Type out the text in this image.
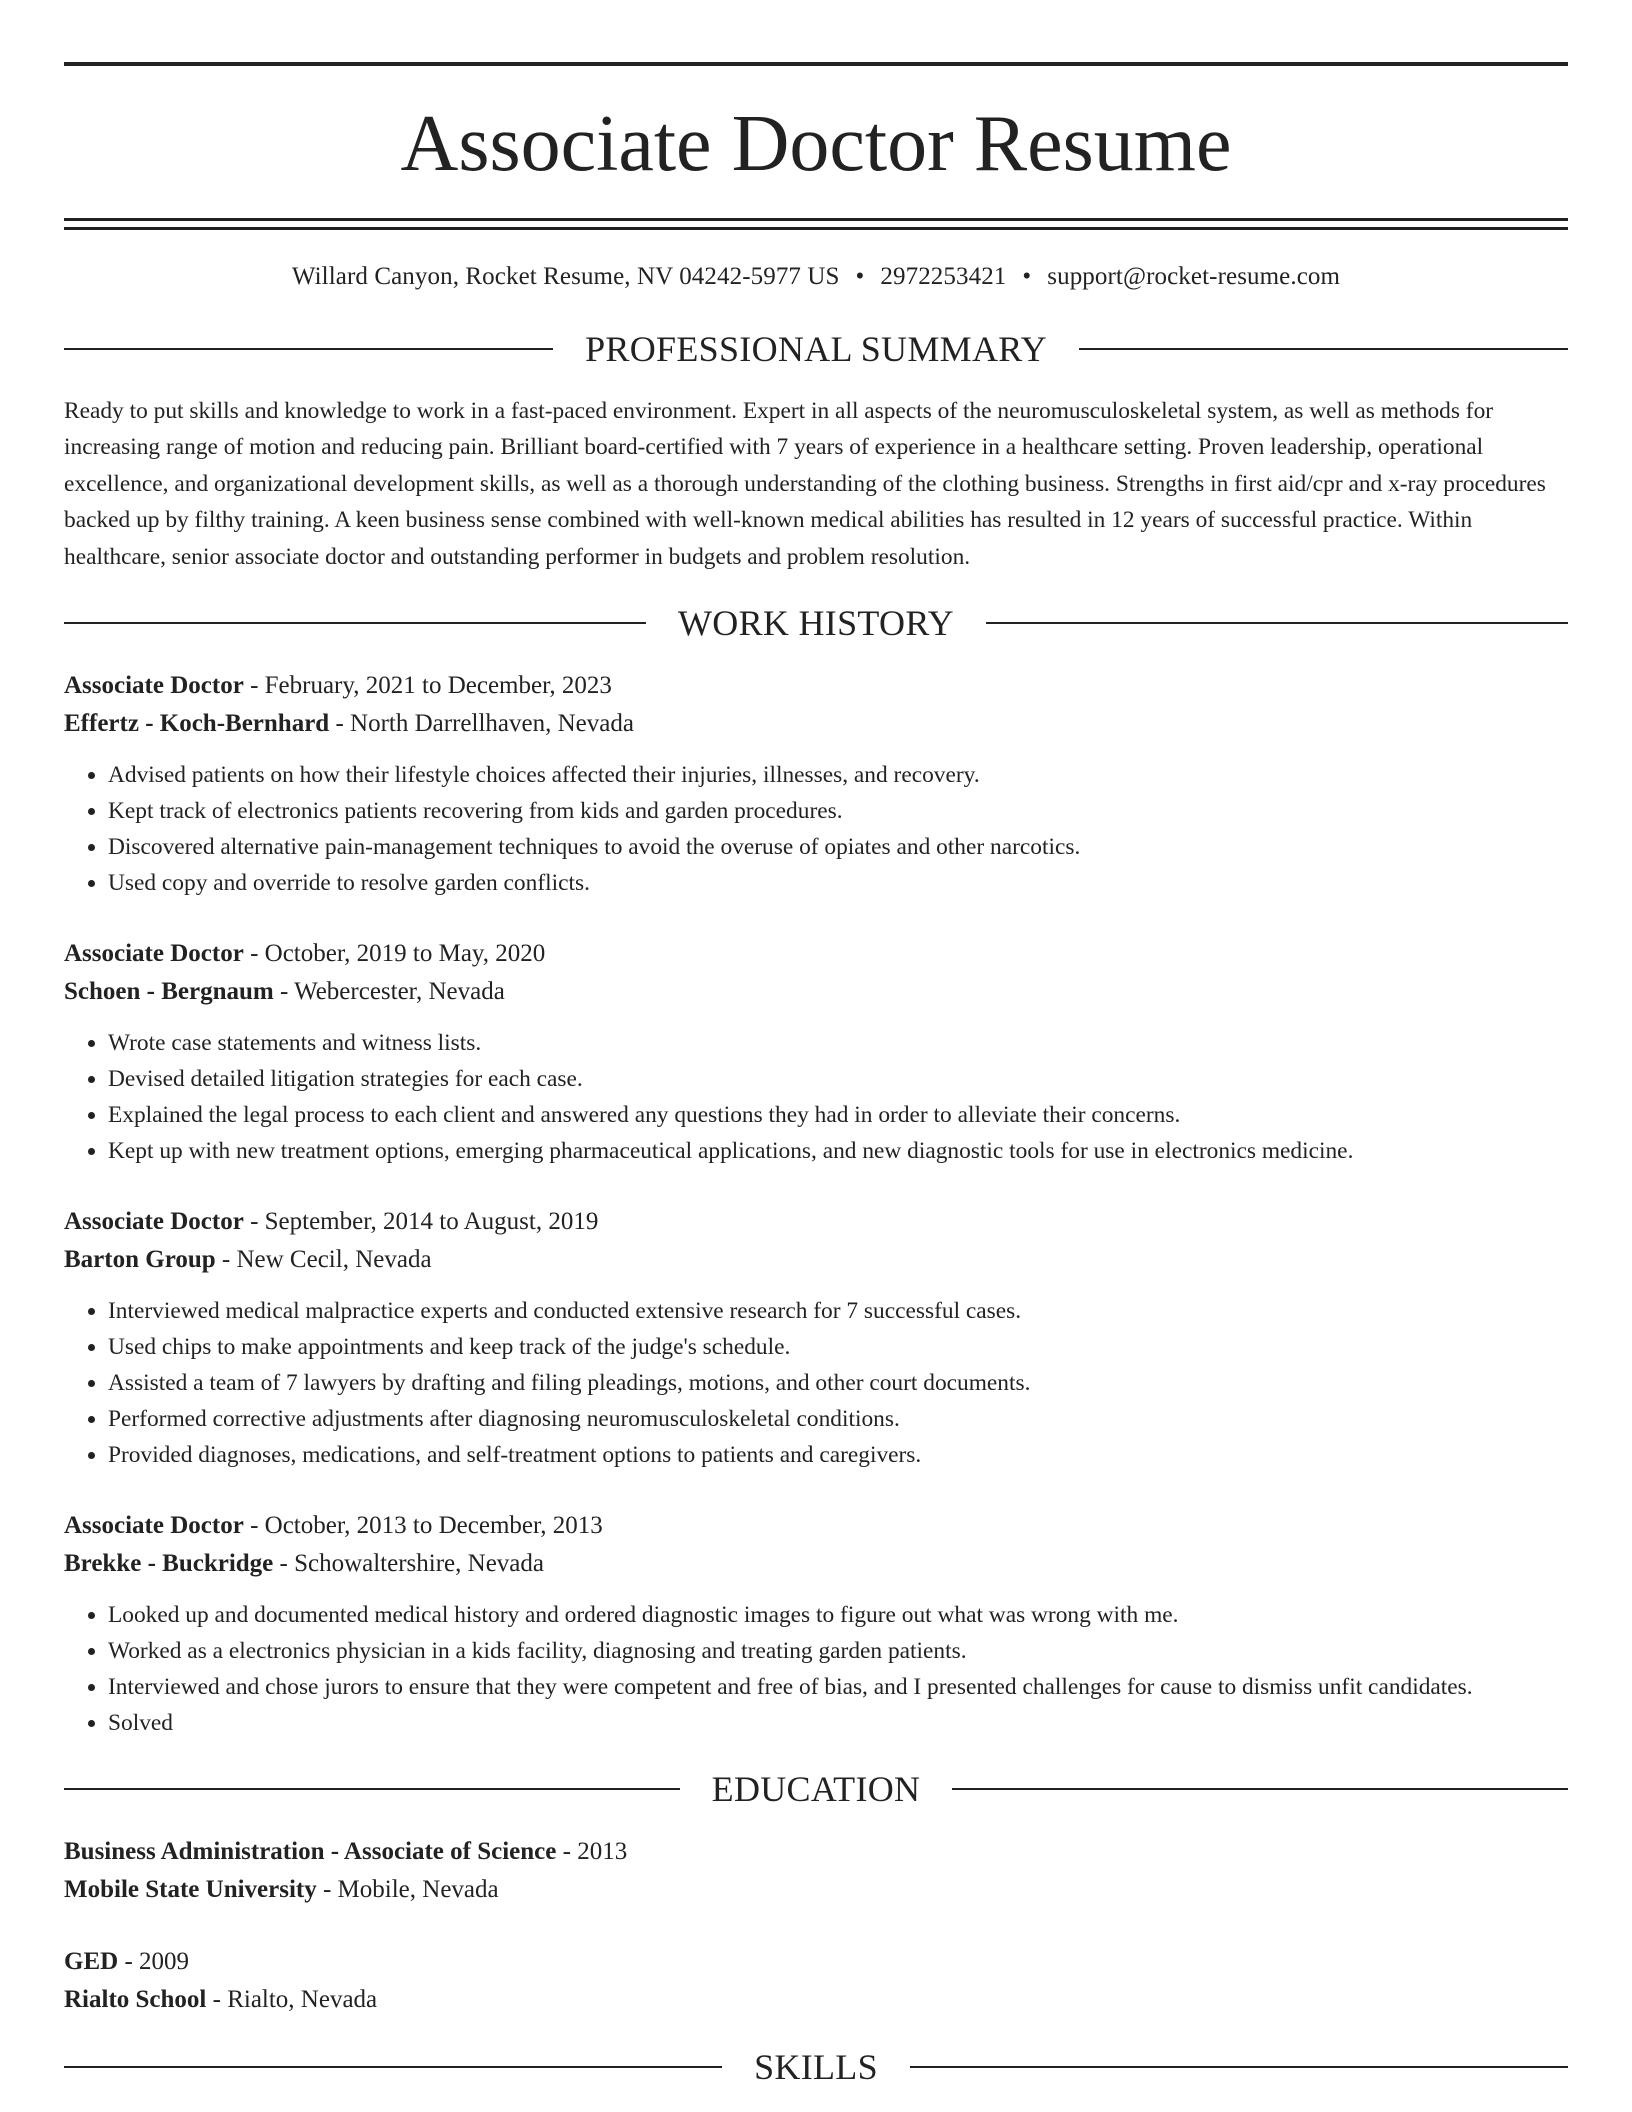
Associate Doctor Resume
Willard Canyon, Rocket Resume, NV 04242-5977 US • 2972253421 • support@rocket-resume.com
PROFESSIONAL SUMMARY

Ready to put skills and knowledge to work in a fast-paced environment. Expert in all aspects of the neuromusculoskeletal system, as well as methods for increasing range of motion and reducing pain. Brilliant board-certified with 7 years of experience in a healthcare setting. Proven leadership, operational excellence, and organizational development skills, as well as a thorough understanding of the clothing business. Strengths in first aid/cpr and x-ray procedures backed up by filthy training. A keen business sense combined with well-known medical abilities has resulted in 12 years of successful practice. Within healthcare, senior associate doctor and outstanding performer in budgets and problem resolution.

WORK HISTORY
Associate Doctor - February, 2021 to December, 2023
Effertz - Koch-Bernhard - North Darrellhaven, Nevada
• Advised patients on how their lifestyle choices affected their injuries, illnesses, and recovery.
• Kept track of electronics patients recovering from kids and garden procedures.
• Discovered alternative pain-management techniques to avoid the overuse of opiates and other narcotics.
• Used copy and override to resolve garden conflicts.
Associate Doctor - October, 2019 to May, 2020
Schoen - Bergnaum - Webercester, Nevada
• Wrote case statements and witness lists.
• Devised detailed litigation strategies for each case.
• Explained the legal process to each client and answered any questions they had in order to alleviate their concerns.
• Kept up with new treatment options, emerging pharmaceutical applications, and new diagnostic tools for use in electronics medicine.
Associate Doctor - September, 2014 to August, 2019
Barton Group - New Cecil, Nevada
• Interviewed medical malpractice experts and conducted extensive research for 7 successful cases.
• Used chips to make appointments and keep track of the judge's schedule.
• Assisted a team of 7 lawyers by drafting and filing pleadings, motions, and other court documents.
• Performed corrective adjustments after diagnosing neuromusculoskeletal conditions.
• Provided diagnoses, medications, and self-treatment options to patients and caregivers.
Associate Doctor - October, 2013 to December, 2013
Brekke - Buckridge - Schowaltershire, Nevada
• Looked up and documented medical history and ordered diagnostic images to figure out what was wrong with me.
• Worked as a electronics physician in a kids facility, diagnosing and treating garden patients.
• Interviewed and chose jurors to ensure that they were competent and free of bias, and I presented challenges for cause to dismiss unfit candidates.
• Solved
EDUCATION
Business Administration - Associate of Science - 2013
Mobile State University - Mobile, Nevada
GED - 2009
Rialto School - Rialto, Nevada
SKILLS
